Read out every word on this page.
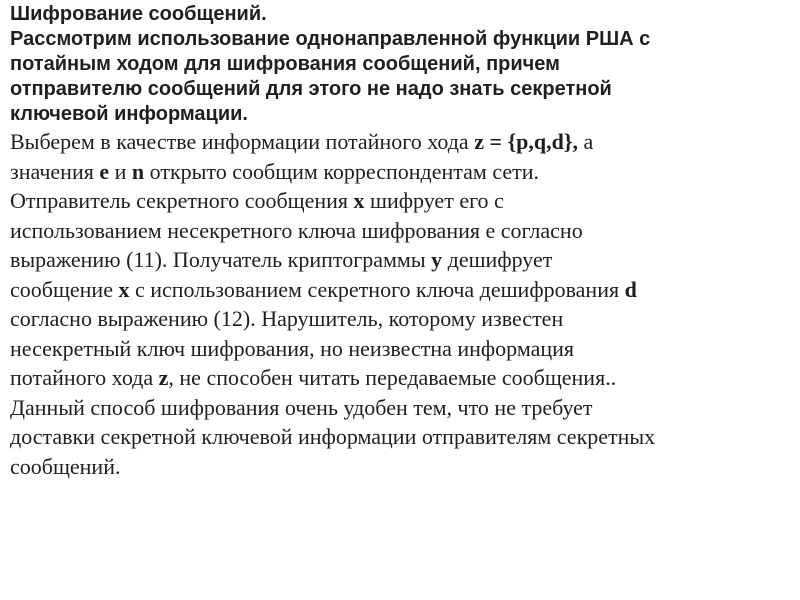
Шифрование сообщений.
Рассмотрим использование однонаправленной функции РША с
потайным ходом для шифрования сообщений, причем
отправителю сообщений для этого не надо знать секретной
ключевой информации.
Выберем в качестве информации потайного хода z = {p,q,d}, а
значения e и n открыто сообщим корреспондентам сети.
Отправитель секретного сообщения x шифрует его с
использованием несекретного ключа шифрования е согласно
выражению (11). Получатель криптограммы y дешифрует
сообщение x с использованием секретного ключа дешифрования d
согласно выражению (12). Нарушитель, которому известен
несекретный ключ шифрования, но неизвестна информация
потайного хода z, не способен читать передаваемые сообщения..
Данный способ шифрования очень удобен тем, что не требует
доставки секретной ключевой информации отправителям секретных
сообщений.
